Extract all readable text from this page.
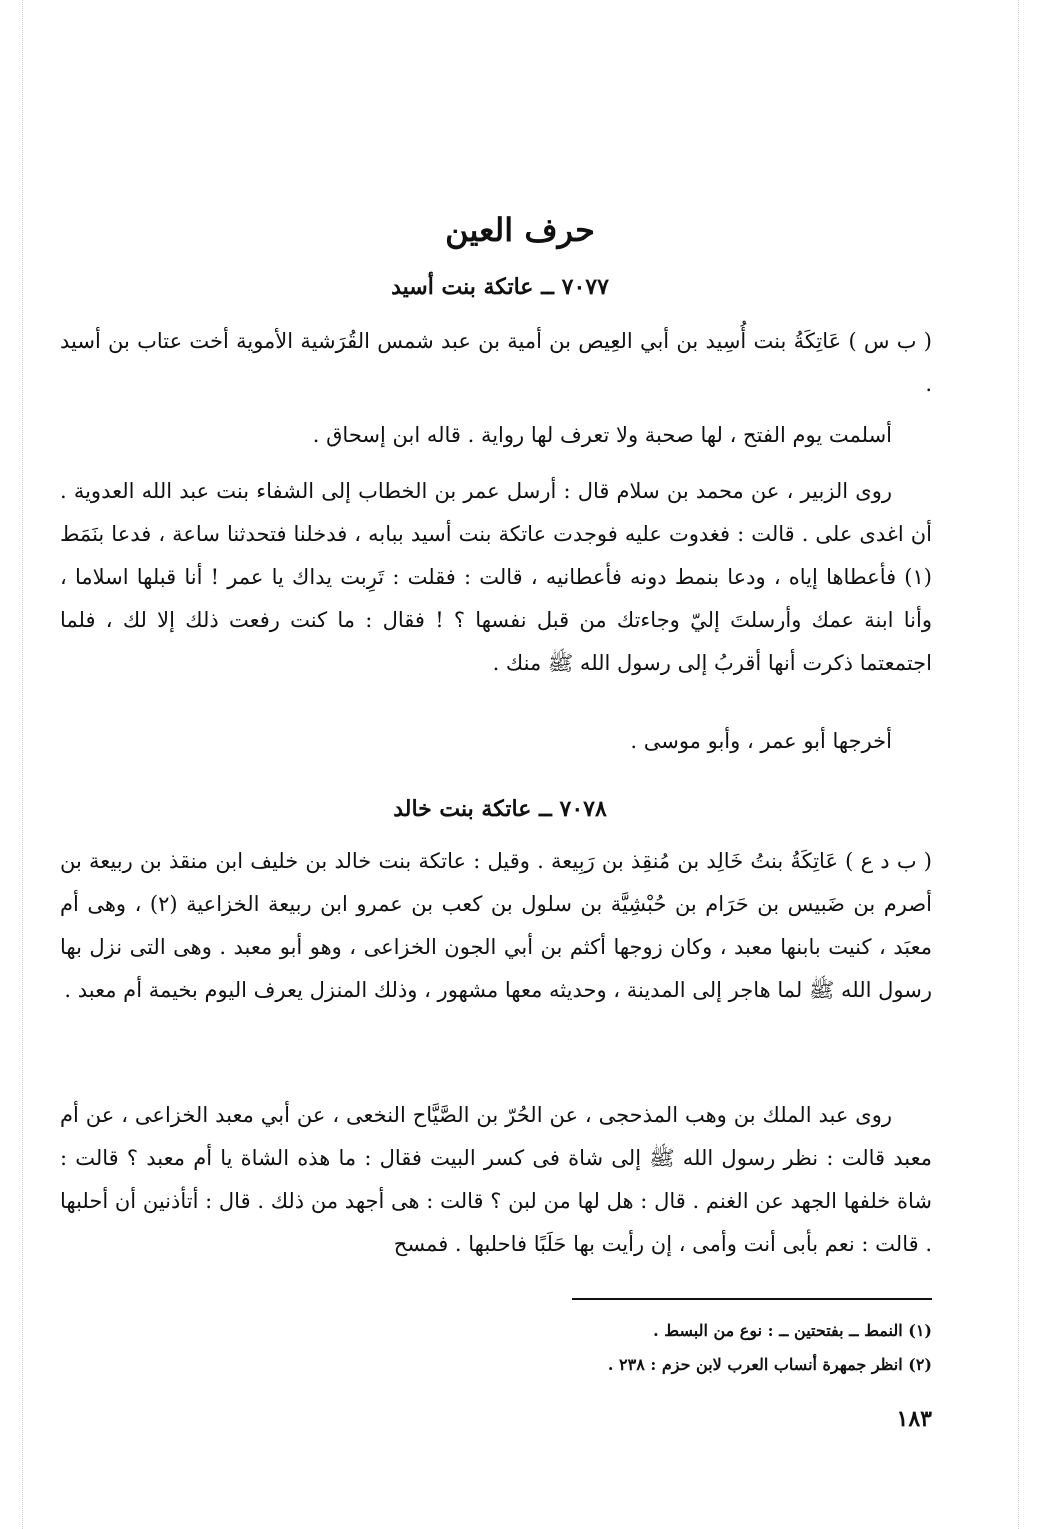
حرف العين
٧٠٧٧ ــ عاتكة بنت أسيد
( ب س ) عَاتِكَةُ بنت أُسِيد بن أبي العِيص بن أمية بن عبد شمس القُرَشية الأموية أخت عتاب بن أسيد .
أسلمت يوم الفتح ، لها صحبة ولا تعرف لها رواية . قاله ابن إسحاق .
روى الزبير ، عن محمد بن سلام قال : أرسل عمر بن الخطاب إلى الشفاء بنت عبد الله العدوية . أن اغدى على . قالت : فغدوت عليه فوجدت عاتكة بنت أسيد ببابه ، فدخلنا فتحدثنا ساعة ، فدعا بنَمَط (١) فأعطاها إياه ، ودعا بنمط دونه فأعطانيه ، قالت : فقلت : تَرِبت يداك يا عمر ! أنا قبلها اسلاما ، وأنا ابنة عمك وأرسلتَ إليّ وجاءتك من قبل نفسها ؟ ! فقال : ما كنت رفعت ذلك إلا لك ، فلما اجتمعتما ذكرت أنها أقربُ إلى رسول الله ﷺ منك .
أخرجها أبو عمر ، وأبو موسى .
٧٠٧٨ ــ عاتكة بنت خالد
( ب د ع ) عَاتِكَةُ بنتُ خَالِد بن مُنقِذ بن رَبِيعة . وقيل : عاتكة بنت خالد بن خليف ابن منقذ بن ربيعة بن أصرم بن ضَبيس بن حَرَام بن حُبْشِيَّة بن سلول بن كعب بن عمرو ابن ربيعة الخزاعية (٢) ، وهى أم معبَد ، كنيت بابنها معبد ، وكان زوجها أكثم بن أبي الجون الخزاعى ، وهو أبو معبد . وهى التى نزل بها رسول الله ﷺ لما هاجر إلى المدينة ، وحديثه معها مشهور ، وذلك المنزل يعرف اليوم بخيمة أم معبد .
روى عبد الملك بن وهب المذحجى ، عن الحُرّ بن الصَّيَّاح النخعى ، عن أبي معبد الخزاعى ، عن أم معبد قالت : نظر رسول الله ﷺ إلى شاة فى كسر البيت فقال : ما هذه الشاة يا أم معبد ؟ قالت : شاة خلفها الجهد عن الغنم . قال : هل لها من لبن ؟ قالت : هى أجهد من ذلك . قال : أتأذنين أن أحلبها . قالت : نعم بأبى أنت وأمى ، إن رأيت بها حَلَبًا فاحلبها . فمسح
(١) النمط ــ بفتحتين ــ : نوع من البسط .
(٢) انظر جمهرة أنساب العرب لابن حزم : ٢٣٨ .
١٨٣
